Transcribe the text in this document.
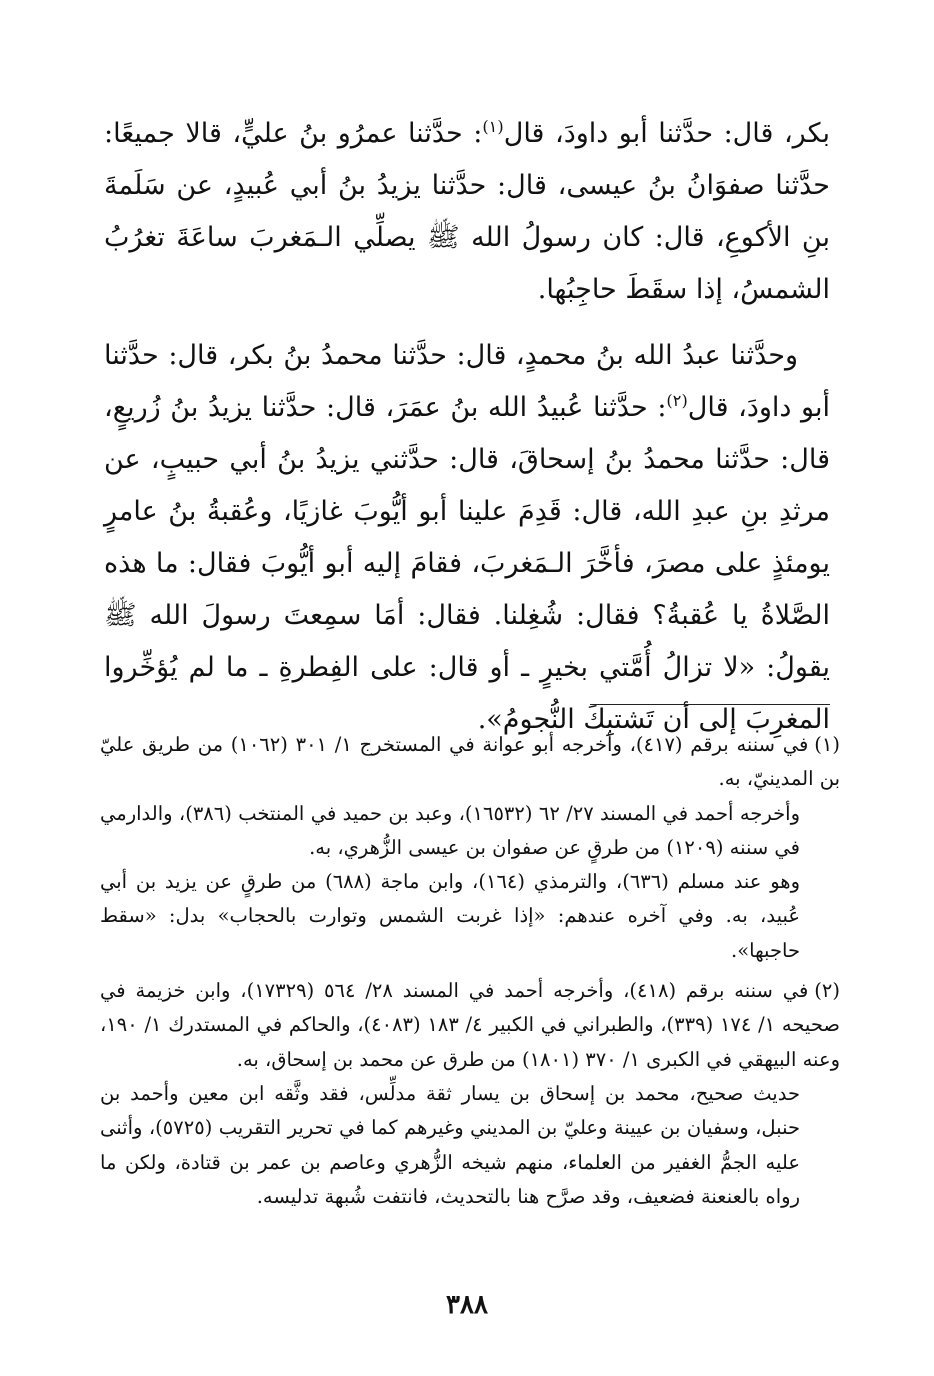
بكر، قال: حدَّثنا أبو داودَ، قال$^{(١)}$: حدَّثنا عمرُو بنُ عليٍّ، قالا جميعًا: حدَّثنا صفوَانُ بنُ عيسى، قال: حدَّثنا يزيدُ بنُ أبي عُبيدٍ، عن سَلَمةَ بنِ الأكوعِ، قال: كان رسولُ الله ﷺ يصلِّي الـمَغربَ ساعَةَ تغرُبُ الشمسُ، إذا سقَطَ حاجِبُها.

وحدَّثنا عبدُ الله بنُ محمدٍ، قال: حدَّثنا محمدُ بنُ بكر، قال: حدَّثنا أبو داودَ، قال$^{(٢)}$: حدَّثنا عُبيدُ الله بنُ عمَرَ، قال: حدَّثنا يزيدُ بنُ زُريعٍ، قال: حدَّثنا محمدُ بنُ إسحاقَ، قال: حدَّثني يزيدُ بنُ أبي حبيبٍ، عن مرثدِ بنِ عبدِ الله، قال: قَدِمَ علينا أبو أيُّوبَ غازيًا، وعُقبةُ بنُ عامرٍ يومئذٍ على مصرَ، فأخَّرَ الـمَغربَ، فقامَ إليه أبو أيُّوبَ فقال: ما هذه الصَّلاةُ يا عُقبةُ؟ فقال: شُغِلنا. فقال: أمَا سمِعتَ رسولَ الله ﷺ يقولُ: «لا تزالُ أُمَّتي بخيرٍ ـ أو قال: على الفِطرةِ ـ ما لم يُؤخِّروا المغرِبَ إلى أن تَشتبِكَ النُّجومُ».

(١)في سننه برقم (٤١٧)، وأخرجه أبو عوانة في المستخرج ١/ ٣٠١ (١٠٦٢) من طريق عليّ بن المدينيّ، به.

وأخرجه أحمد في المسند ٢٧/ ٦٢ (١٦٥٣٢)، وعبد بن حميد في المنتخب (٣٨٦)، والدارمي في سننه (١٢٠٩) من طرقٍ عن صفوان بن عيسى الزُّهري، به.

وهو عند مسلم (٦٣٦)، والترمذي (١٦٤)، وابن ماجة (٦٨٨) من طرقٍ عن يزيد بن أبي عُبيد، به. وفي آخره عندهم: «إذا غربت الشمس وتوارت بالحجاب» بدل: «سقط حاجبها».

(٢)في سننه برقم (٤١٨)، وأخرجه أحمد في المسند ٢٨/ ٥٦٤ (١٧٣٢٩)، وابن خزيمة في صحيحه ١/ ١٧٤ (٣٣٩)، والطبراني في الكبير ٤/ ١٨٣ (٤٠٨٣)، والحاكم في المستدرك ١/ ١٩٠، وعنه البيهقي في الكبرى ١/ ٣٧٠ (١٨٠١) من طرق عن محمد بن إسحاق، به.

حديث صحيح، محمد بن إسحاق بن يسار ثقة مدلِّس، فقد وثَّقه ابن معين وأحمد بن حنبل، وسفيان بن عيينة وعليّ بن المديني وغيرهم كما في تحرير التقريب (٥٧٢٥)، وأثنى عليه الجمُّ الغفير من العلماء، منهم شيخه الزُّهري وعاصم بن عمر بن قتادة، ولكن ما رواه بالعنعنة فضعيف، وقد صرَّح هنا بالتحديث، فانتفت شُبهة تدليسه.

٣٨٨
